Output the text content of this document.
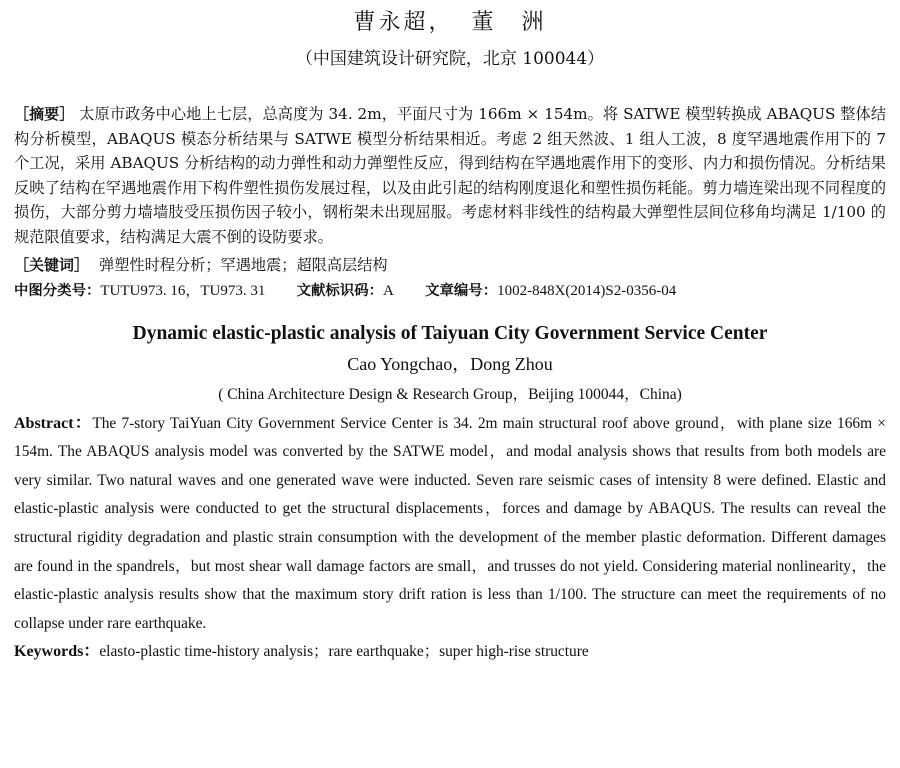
曹永超， 董　洲
（中国建筑设计研究院，北京 100044）
［摘要］ 太原市政务中心地上七层，总高度为 34. 2m，平面尺寸为 166m × 154m。将 SATWE 模型转换成 ABAQUS 整体结构分析模型，ABAQUS 模态分析结果与 SATWE 模型分析结果相近。考虑 2 组天然波、1 组人工波，8 度罕遇地震作用下的 7 个工况，采用 ABAQUS 分析结构的动力弹性和动力弹塑性反应，得到结构在罕遇地震作用下的变形、内力和损伤情况。分析结果反映了结构在罕遇地震作用下构件塑性损伤发展过程，以及由此引起的结构刚度退化和塑性损伤耗能。剪力墙连梁出现不同程度的损伤，大部分剪力墙墙肢受压损伤因子较小，钢桁架未出现屈服。考虑材料非线性的结构最大弹塑性层间位移角均满足 1/100 的规范限值要求，结构满足大震不倒的设防要求。
［关键词］ 弹塑性时程分析；罕遇地震；超限高层结构
中图分类号：TUTU973. 16，TU973. 31 文献标识码：A 文章编号：1002-848X(2014)S2-0356-04
Dynamic elastic-plastic analysis of Taiyuan City Government Service Center
Cao Yongchao，Dong Zhou
( China Architecture Design & Research Group，Beijing 100044，China)
Abstract：The 7-story TaiYuan City Government Service Center is 34. 2m main structural roof above ground，with plane size 166m × 154m. The ABAQUS analysis model was converted by the SATWE model，and modal analysis shows that results from both models are very similar. Two natural waves and one generated wave were inducted. Seven rare seismic cases of intensity 8 were defined. Elastic and elastic-plastic analysis were conducted to get the structural displacements，forces and damage by ABAQUS. The results can reveal the structural rigidity degradation and plastic strain consumption with the development of the member plastic deformation. Different damages are found in the spandrels，but most shear wall damage factors are small，and trusses do not yield. Considering material nonlinearity，the elastic-plastic analysis results show that the maximum story drift ration is less than 1/100. The structure can meet the requirements of no collapse under rare earthquake.
Keywords：elasto-plastic time-history analysis；rare earthquake；super high-rise structure
